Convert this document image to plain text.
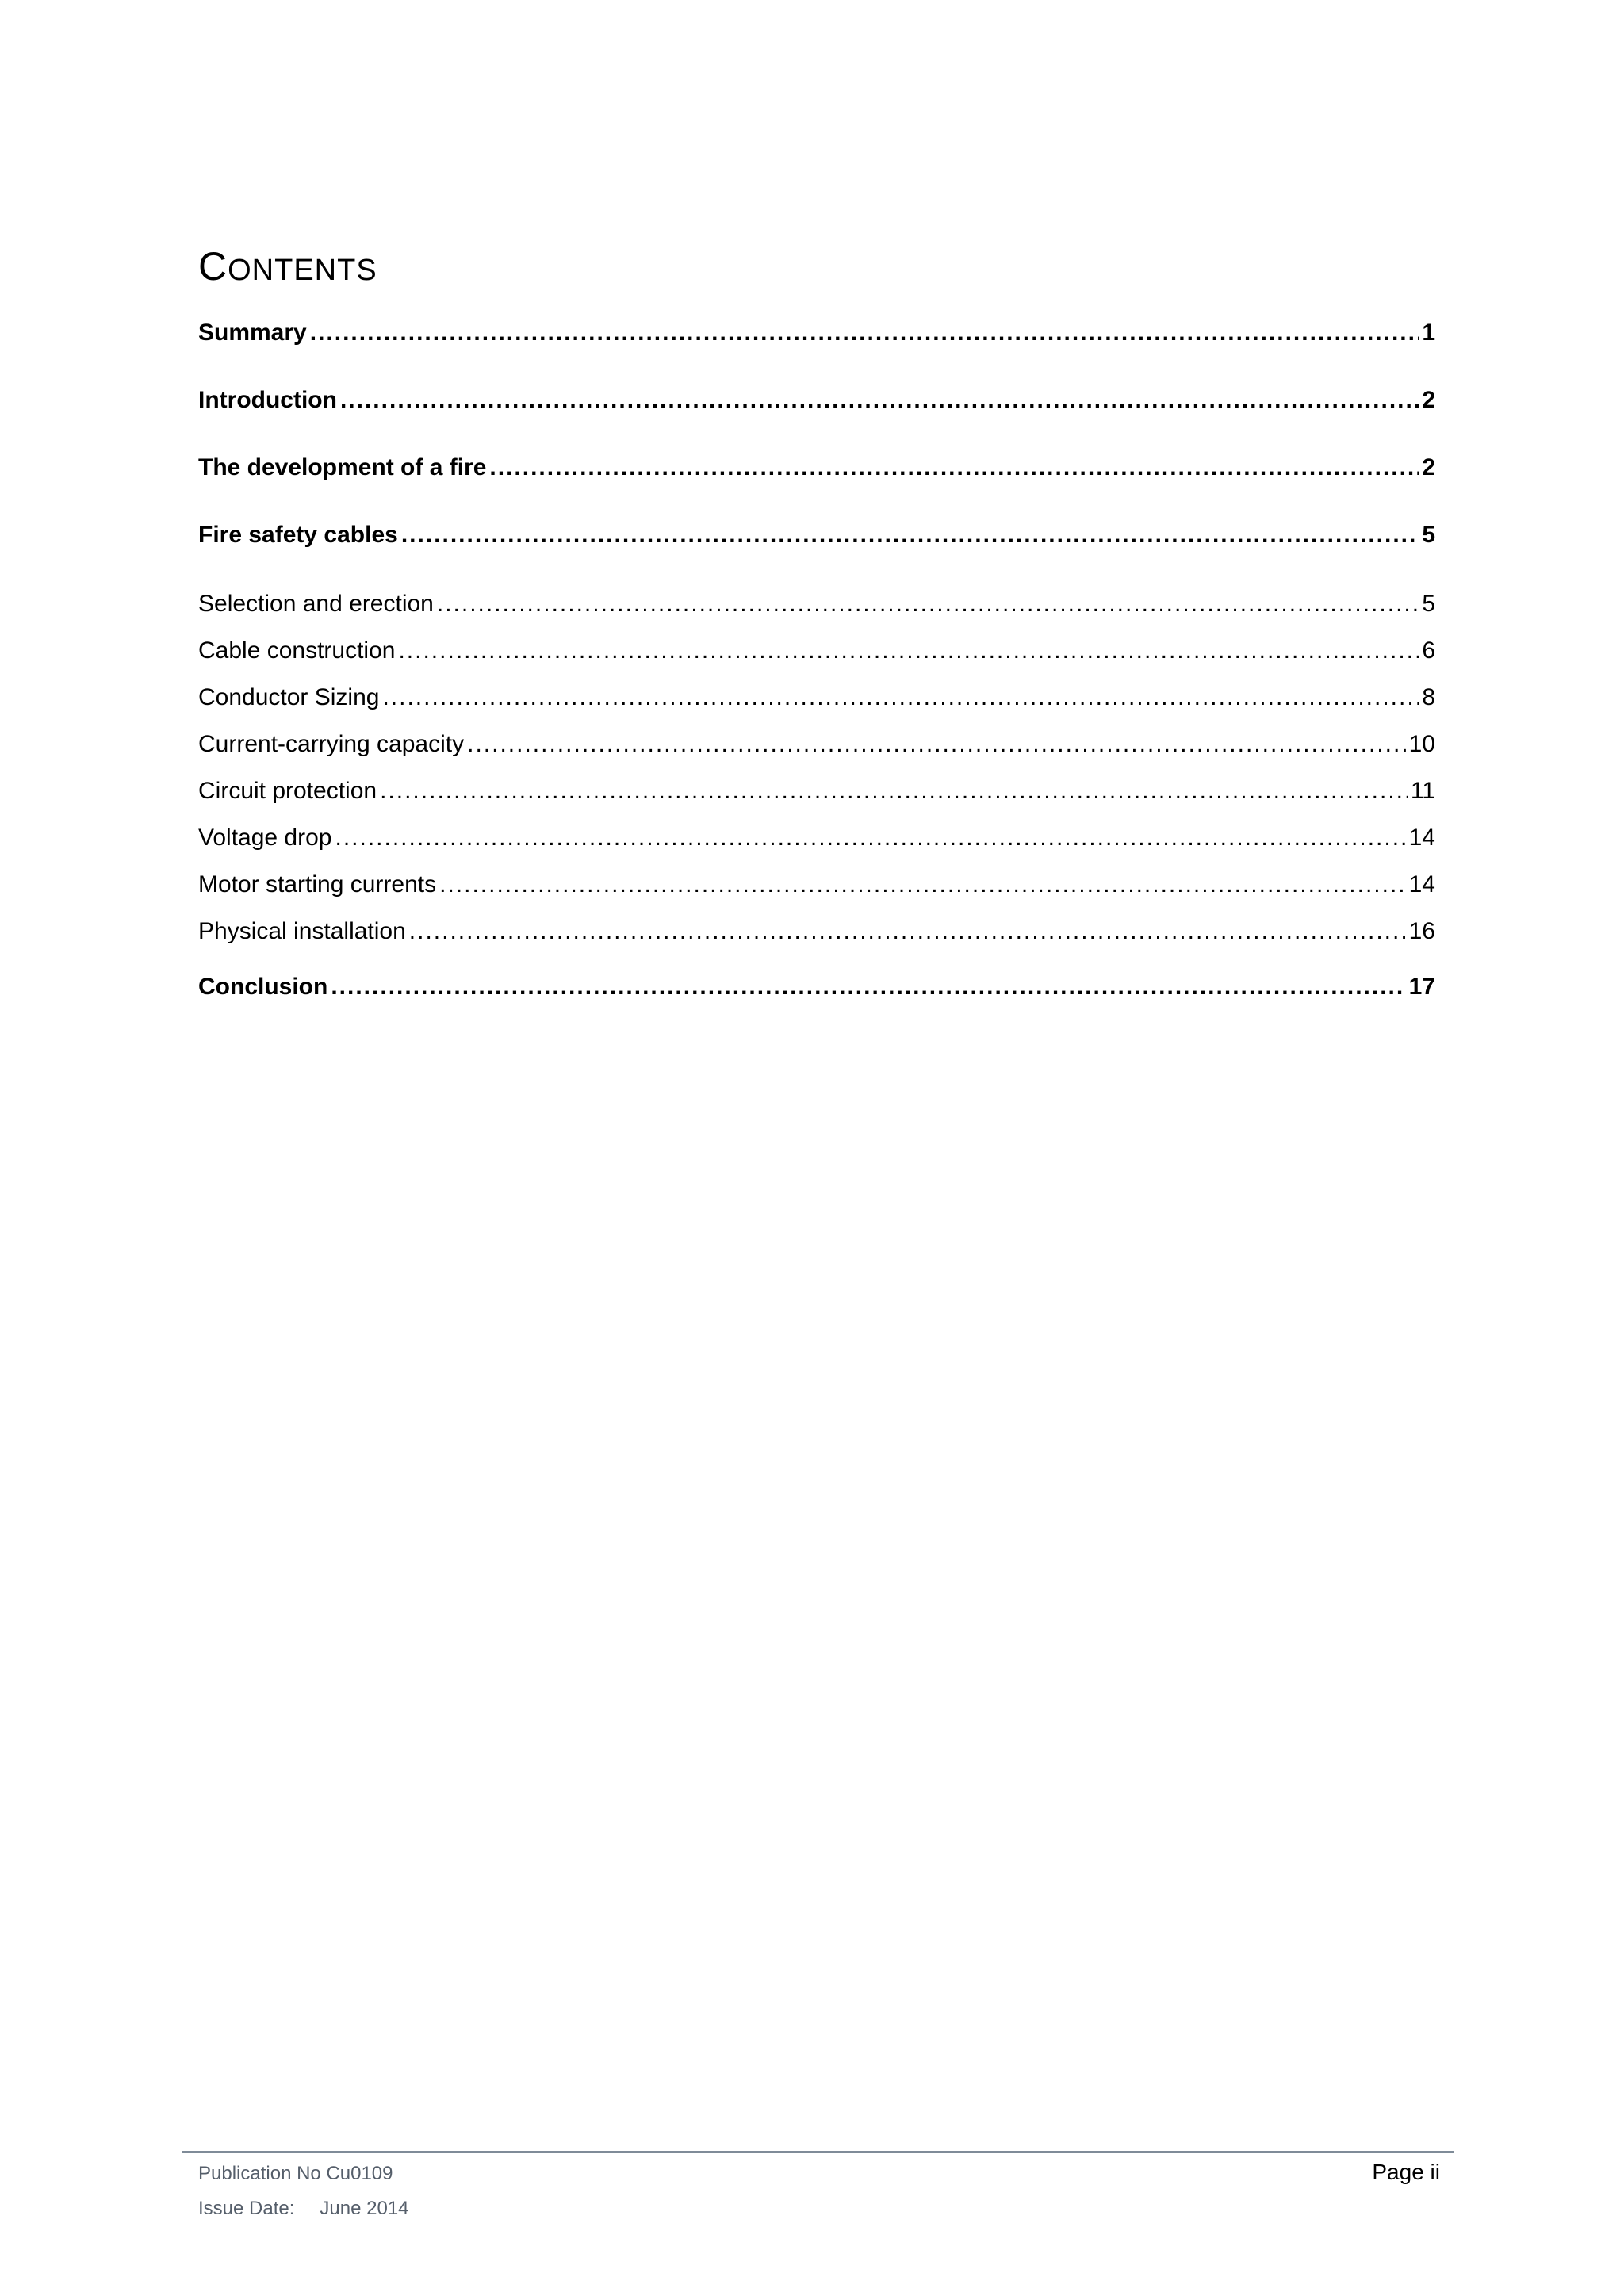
CONTENTS
Summary .....	1
Introduction .....	2
The development of a fire .....	2
Fire safety cables .....	5
Selection and erection .....	5
Cable construction .....	6
Conductor Sizing .....	8
Current-carrying capacity .....	10
Circuit protection .....	11
Voltage drop .....	14
Motor starting currents .....	14
Physical installation .....	16
Conclusion .....	17
Publication No Cu0109
Issue Date: June 2014
Page ii
